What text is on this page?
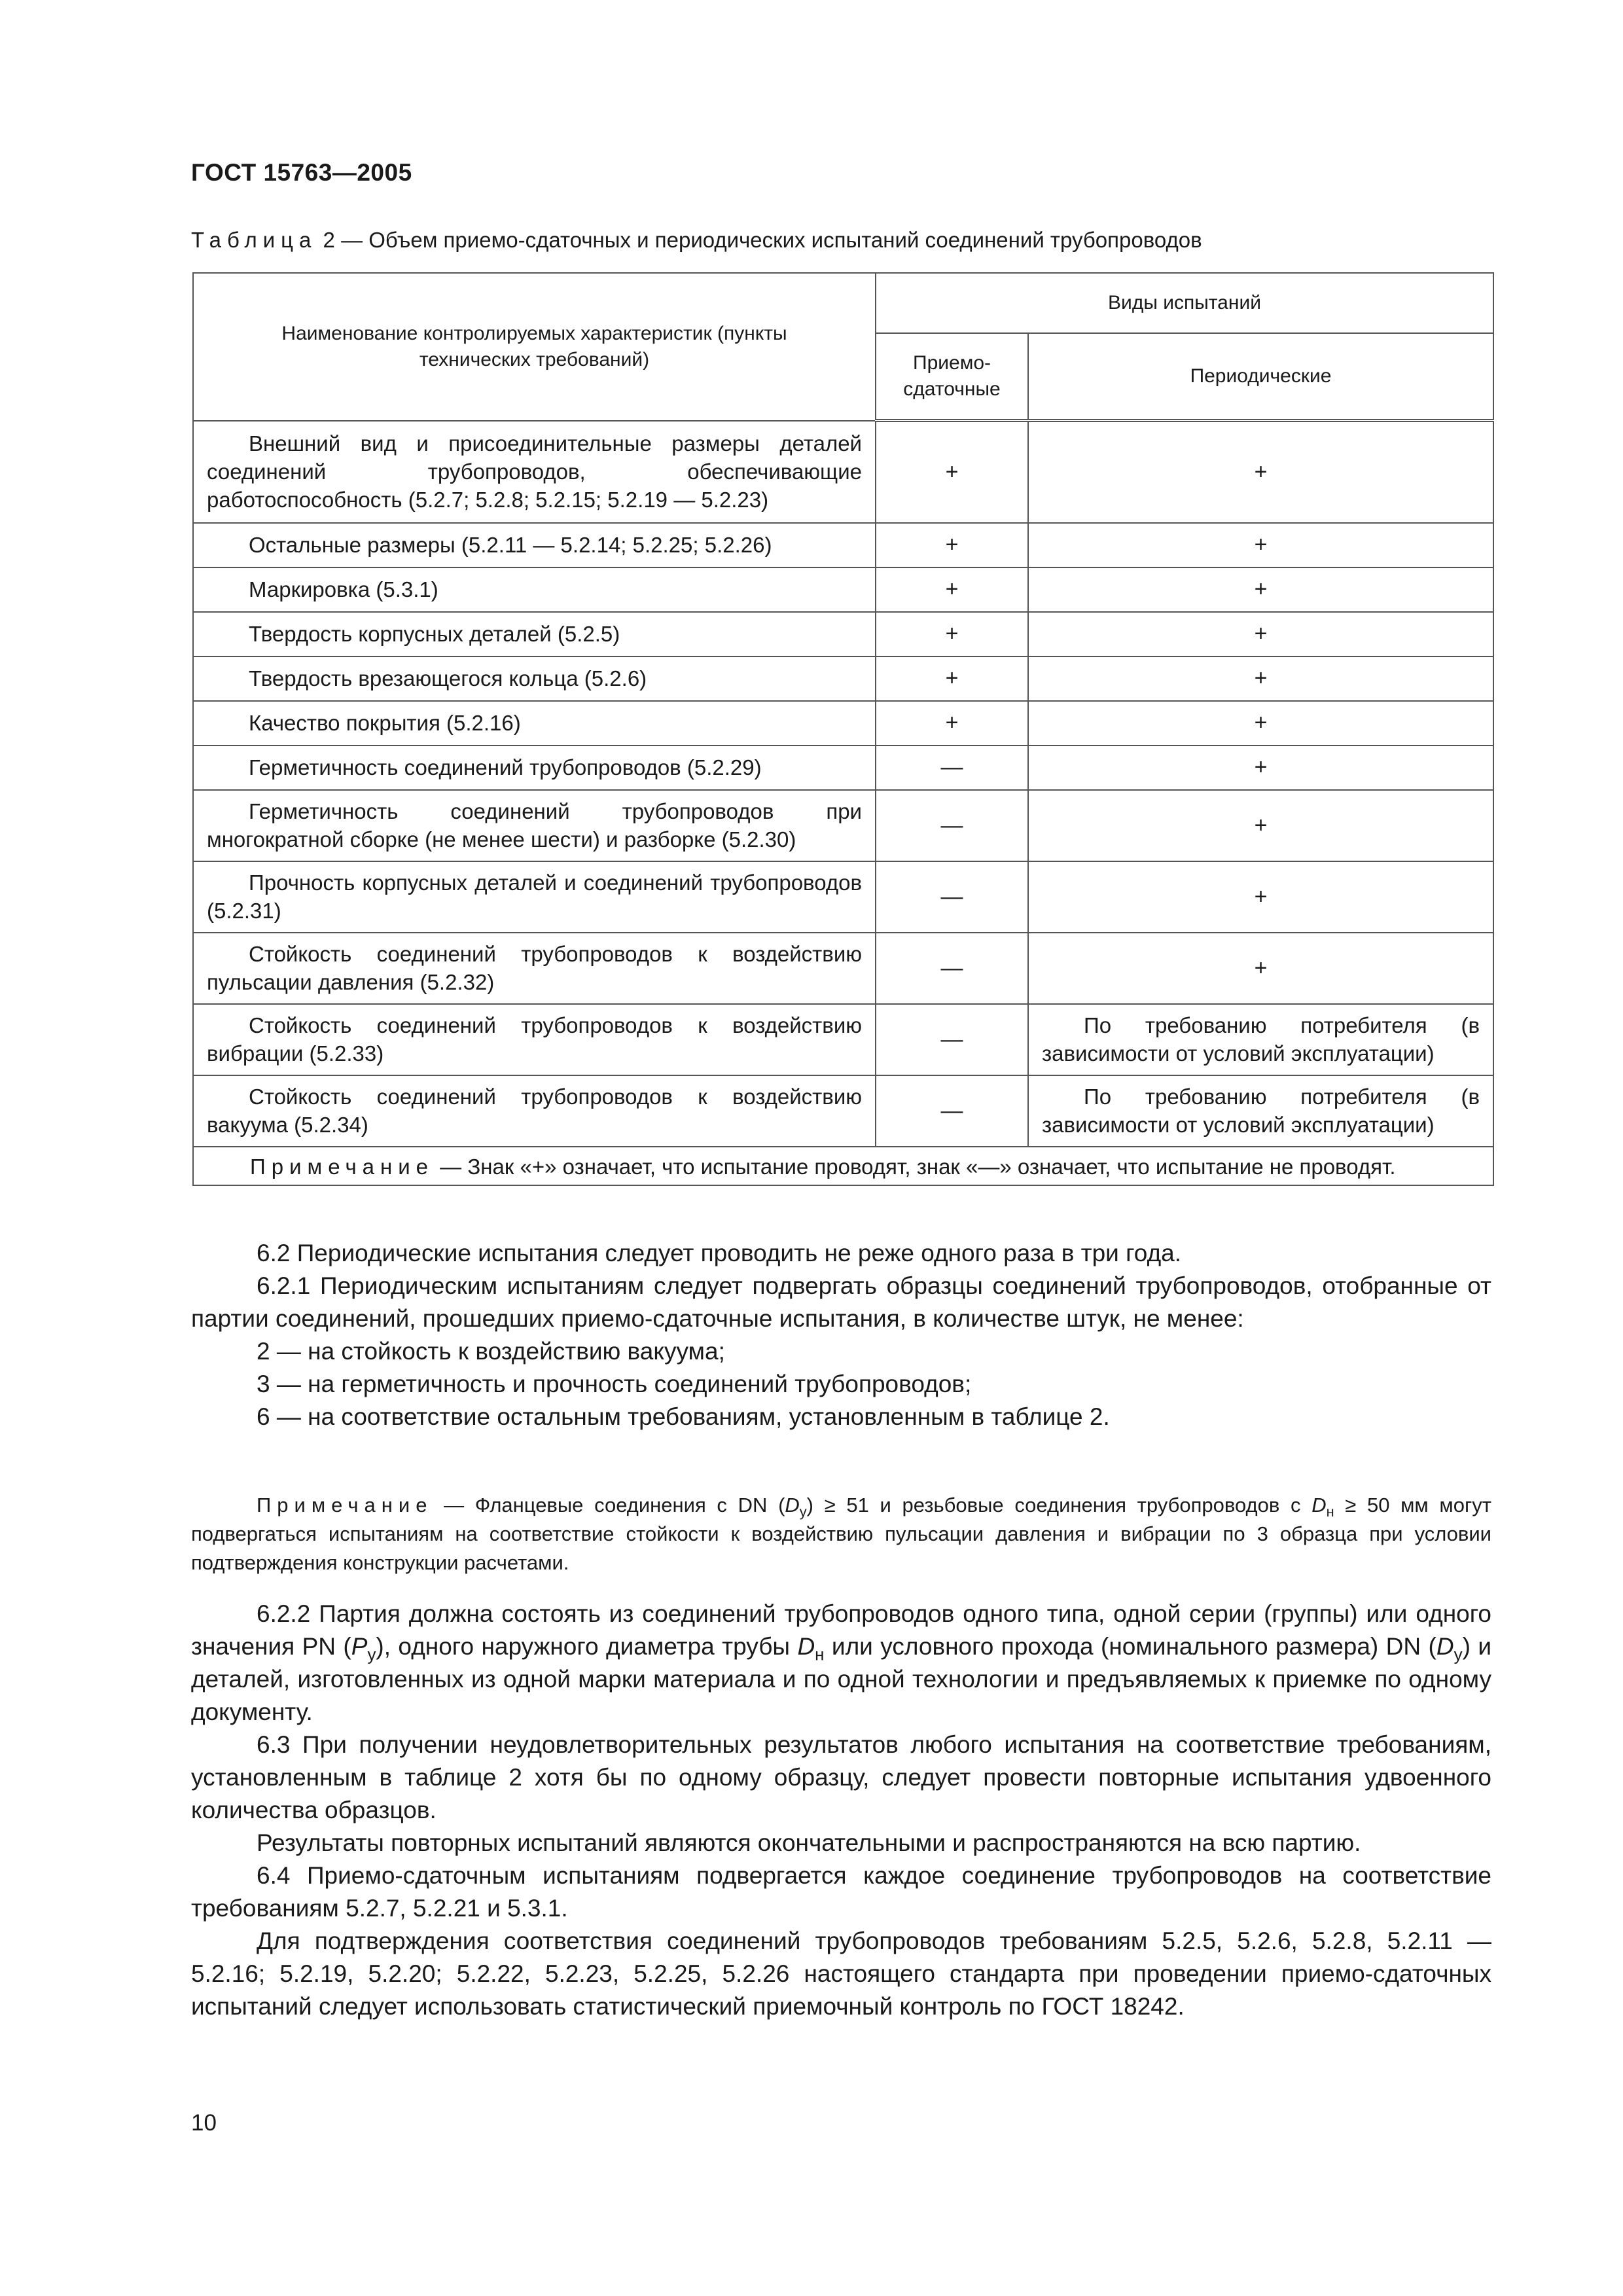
ГОСТ 15763—2005
Таблица 2 — Объем приемо-сдаточных и периодических испытаний соединений трубопроводов
Наименование контролируемых характеристик (пункты технических требований)	Виды испытаний	
	Приемо-сдаточные	Периодические
Внешний вид и присоединительные размеры деталей соединений трубопроводов, обеспечивающие работоспособность (5.2.7; 5.2.8; 5.2.15; 5.2.19 — 5.2.23)	+	+
Остальные размеры (5.2.11 — 5.2.14; 5.2.25; 5.2.26)	+	+
Маркировка (5.3.1)	+	+
Твердость корпусных деталей (5.2.5)	+	+
Твердость врезающегося кольца (5.2.6)	+	+
Качество покрытия (5.2.16)	+	+
Герметичность соединений трубопроводов (5.2.29)	—	+
Герметичность соединений трубопроводов при многократной сборке (не менее шести) и разборке (5.2.30)	—	+
Прочность корпусных деталей и соединений трубопроводов (5.2.31)	—	+
Стойкость соединений трубопроводов к воздействию пульсации давления (5.2.32)	—	+
Стойкость соединений трубопроводов к воздействию вибрации (5.2.33)	—	По требованию потребителя (в зависимости от условий эксплуатации)
Стойкость соединений трубопроводов к воздействию вакуума (5.2.34)	—	По требованию потребителя (в зависимости от условий эксплуатации)
Примечание — Знак «+» означает, что испытание проводят, знак «—» означает, что испытание не проводят.		

6.2 Периодические испытания следует проводить не реже одного раза в три года.

6.2.1 Периодическим испытаниям следует подвергать образцы соединений трубопроводов, отобранные от партии соединений, прошедших приемо-сдаточные испытания, в количестве штук, не менее:

2 — на стойкость к воздействию вакуума;

3 — на герметичность и прочность соединений трубопроводов;

6 — на соответствие остальным требованиям, установленным в таблице 2.

Примечание — Фланцевые соединения с DN $(D_у) \ge 51$ и резьбовые соединения трубопроводов с $D_н \ge 50$ мм могут подвергаться испытаниям на соответствие стойкости к воздействию пульсации давления и вибрации по 3 образца при условии подтверждения конструкции расчетами.

6.2.2 Партия должна состоять из соединений трубопроводов одного типа, одной серии (группы) или одного значения PN $(P_у)$, одного наружного диаметра трубы $D_н$ или условного прохода (номинального размера) DN $(D_у)$ и деталей, изготовленных из одной марки материала и по одной технологии и предъявляемых к приемке по одному документу.

6.3 При получении неудовлетворительных результатов любого испытания на соответствие требованиям, установленным в таблице 2 хотя бы по одному образцу, следует провести повторные испытания удвоенного количества образцов.

Результаты повторных испытаний являются окончательными и распространяются на всю партию.

6.4 Приемо-сдаточным испытаниям подвергается каждое соединение трубопроводов на соответствие требованиям 5.2.7, 5.2.21 и 5.3.1.

Для подтверждения соответствия соединений трубопроводов требованиям 5.2.5, 5.2.6, 5.2.8, 5.2.11 — 5.2.16; 5.2.19, 5.2.20; 5.2.22, 5.2.23, 5.2.25, 5.2.26 настоящего стандарта при проведении приемо-сдаточных испытаний следует использовать статистический приемочный контроль по ГОСТ 18242.

10
